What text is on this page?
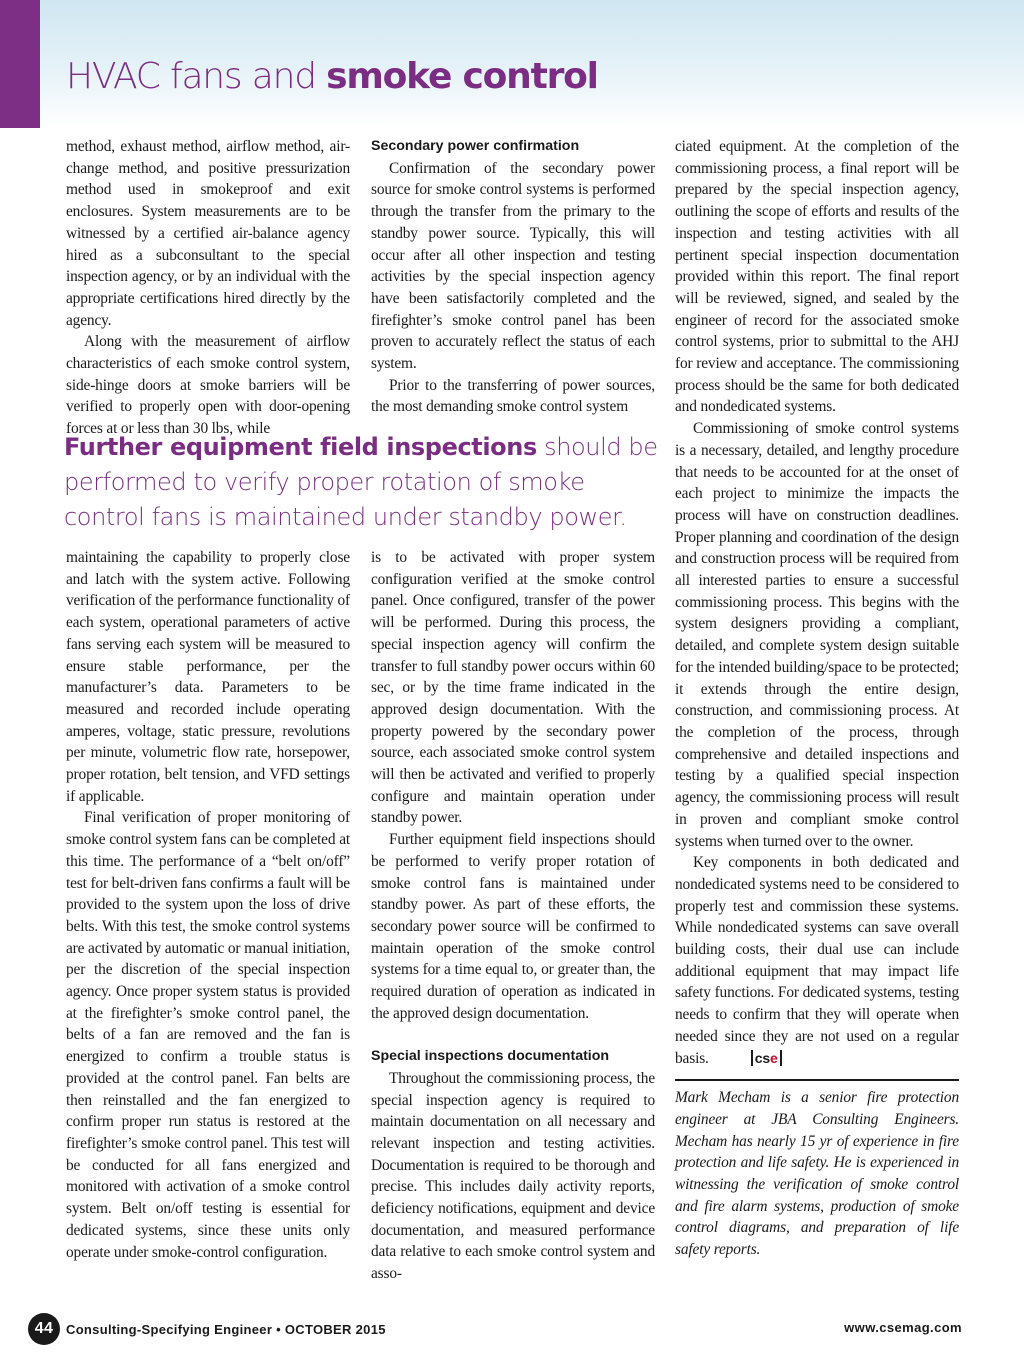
HVAC fans and smoke control

method, exhaust method, airflow method, air-change method, and positive pressurization method used in smokeproof and exit enclosures. System measurements are to be witnessed by a certified air-balance agency hired as a subconsultant to the special inspection agency, or by an individual with the appropriate certifications hired directly by the agency.

Along with the measurement of airflow characteristics of each smoke control system, side-hinge doors at smoke barriers will be verified to properly open with door-opening forces at or less than 30 lbs, while

Secondary power confirmation

Confirmation of the secondary power source for smoke control systems is performed through the transfer from the primary to the standby power source. Typically, this will occur after all other inspection and testing activities by the special inspection agency have been satisfactorily completed and the firefighter’s smoke control panel has been proven to accurately reflect the status of each system.

Prior to the transferring of power sources, the most demanding smoke control system

Further equipment field inspections should be performed to verify proper rotation of smoke control fans is maintained under standby power.

maintaining the capability to properly close and latch with the system active. Following verification of the performance functionality of each system, operational parameters of active fans serving each system will be measured to ensure stable performance, per the manufacturer’s data. Parameters to be measured and recorded include operating amperes, voltage, static pressure, revolutions per minute, volumetric flow rate, horsepower, proper rotation, belt tension, and VFD settings if applicable.

Final verification of proper monitoring of smoke control system fans can be completed at this time. The performance of a “belt on/off” test for belt-driven fans confirms a fault will be provided to the system upon the loss of drive belts. With this test, the smoke control systems are activated by automatic or manual initiation, per the discretion of the special inspection agency. Once proper system status is provided at the firefighter’s smoke control panel, the belts of a fan are removed and the fan is energized to confirm a trouble status is provided at the control panel. Fan belts are then reinstalled and the fan energized to confirm proper run status is restored at the firefighter’s smoke control panel. This test will be conducted for all fans energized and monitored with activation of a smoke control system. Belt on/off testing is essential for dedicated systems, since these units only operate under smoke-control configuration.

is to be activated with proper system configuration verified at the smoke control panel. Once configured, transfer of the power will be performed. During this process, the special inspection agency will confirm the transfer to full standby power occurs within 60 sec, or by the time frame indicated in the approved design documentation. With the property powered by the secondary power source, each associated smoke control system will then be activated and verified to properly configure and maintain operation under standby power.

Further equipment field inspections should be performed to verify proper rotation of smoke control fans is maintained under standby power. As part of these efforts, the secondary power source will be confirmed to maintain operation of the smoke control systems for a time equal to, or greater than, the required duration of operation as indicated in the approved design documentation.

Special inspections documentation

Throughout the commissioning process, the special inspection agency is required to maintain documentation on all necessary and relevant inspection and testing activities. Documentation is required to be thorough and precise. This includes daily activity reports, deficiency notifications, equipment and device documentation, and measured performance data relative to each smoke control system and asso-

ciated equipment. At the completion of the commissioning process, a final report will be prepared by the special inspection agency, outlining the scope of efforts and results of the inspection and testing activities with all pertinent special inspection documentation provided within this report. The final report will be reviewed, signed, and sealed by the engineer of record for the associated smoke control systems, prior to submittal to the AHJ for review and acceptance. The commissioning process should be the same for both dedicated and nondedicated systems.

Commissioning of smoke control systems is a necessary, detailed, and lengthy procedure that needs to be accounted for at the onset of each project to minimize the impacts the process will have on construction deadlines. Proper planning and coordination of the design and construction process will be required from all interested parties to ensure a successful commissioning process. This begins with the system designers providing a compliant, detailed, and complete system design suitable for the intended building/space to be protected; it extends through the entire design, construction, and commissioning process. At the completion of the process, through comprehensive and detailed inspections and testing by a qualified special inspection agency, the commissioning process will result in proven and compliant smoke control systems when turned over to the owner.

Key components in both dedicated and nondedicated systems need to be considered to properly test and commission these systems. While nondedicated systems can save overall building costs, their dual use can include additional equipment that may impact life safety functions. For dedicated systems, testing needs to confirm that they will operate when needed since they are not used on a regular basis.	cse

Mark Mecham is a senior fire protection engineer at JBA Consulting Engineers. Mecham has nearly 15 yr of experience in fire protection and life safety. He is experienced in witnessing the verification of smoke control and fire alarm systems, production of smoke control diagrams, and preparation of life safety reports.

44 Consulting-Specifying Engineer • OCTOBER 2015	www.csemag.com
